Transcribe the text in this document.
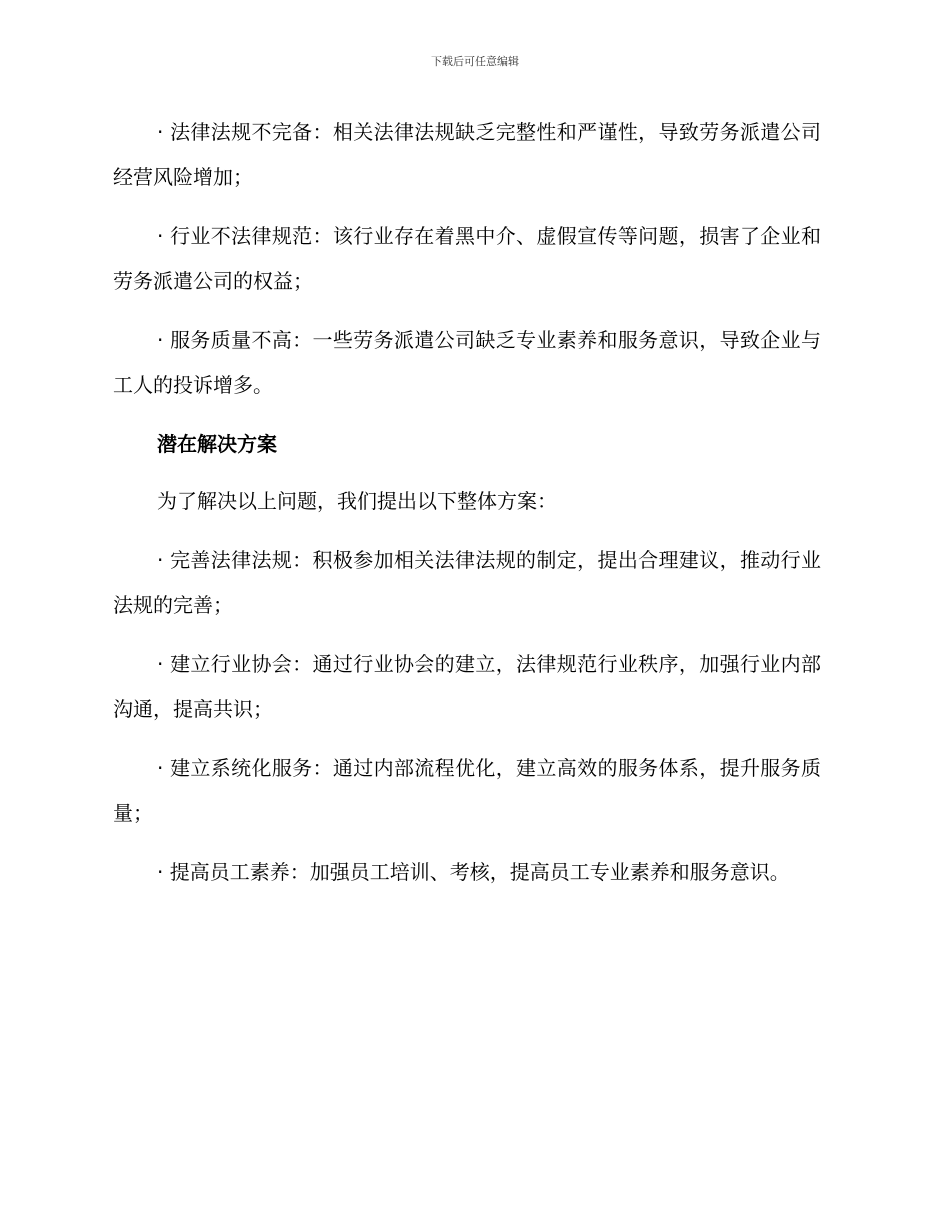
下载后可任意编辑

· 法律法规不完备：相关法律法规缺乏完整性和严谨性，导致劳务派遣公司经营风险增加；

· 行业不法律规范：该行业存在着黑中介、虚假宣传等问题，损害了企业和劳务派遣公司的权益；

· 服务质量不高：一些劳务派遣公司缺乏专业素养和服务意识，导致企业与工人的投诉增多。

潜在解决方案

为了解决以上问题，我们提出以下整体方案：

· 完善法律法规：积极参加相关法律法规的制定，提出合理建议，推动行业法规的完善；

· 建立行业协会：通过行业协会的建立，法律规范行业秩序，加强行业内部沟通，提高共识；

· 建立系统化服务：通过内部流程优化，建立高效的服务体系，提升服务质量；

· 提高员工素养：加强员工培训、考核，提高员工专业素养和服务意识。
